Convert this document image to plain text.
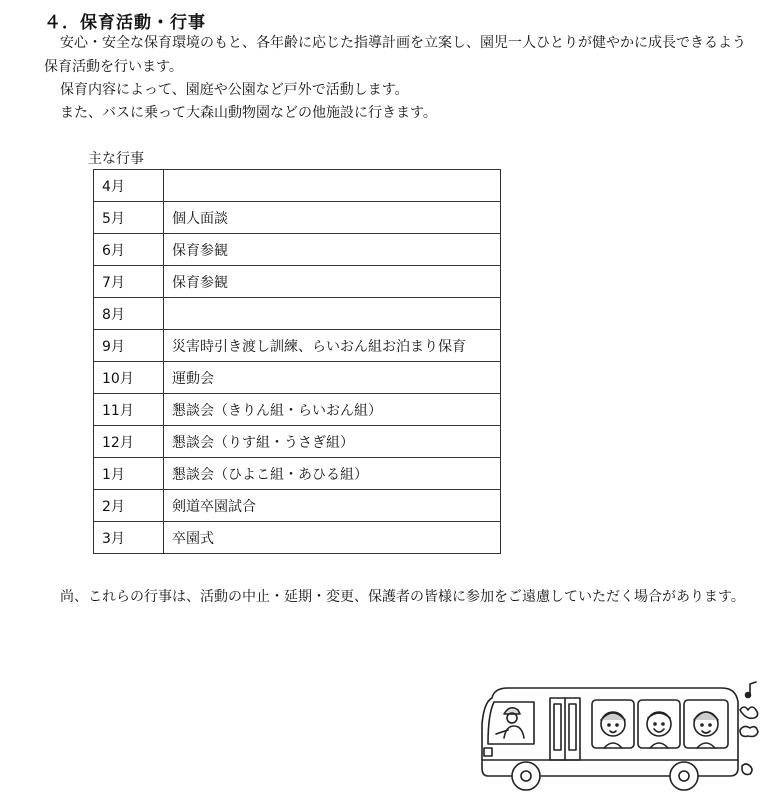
４．保育活動・行事
安心・安全な保育環境のもと、各年齢に応じた指導計画を立案し、園児一人ひとりが健やかに成長できるよう
保育活動を行います。
保育内容によって、園庭や公園など戸外で活動します。
また、バスに乗って大森山動物園などの他施設に行きます。
主な行事
4月	
5月	個人面談
6月	保育参観
7月	保育参観
8月	
9月	災害時引き渡し訓練、らいおん組お泊まり保育
10月	運動会
11月	懇談会（きりん組・らいおん組）
12月	懇談会（りす組・うさぎ組）
1月	懇談会（ひよこ組・あひる組）
2月	剣道卒園試合
3月	卒園式
尚、これらの行事は、活動の中止・延期・変更、保護者の皆様に参加をご遠慮していただく場合があります。
